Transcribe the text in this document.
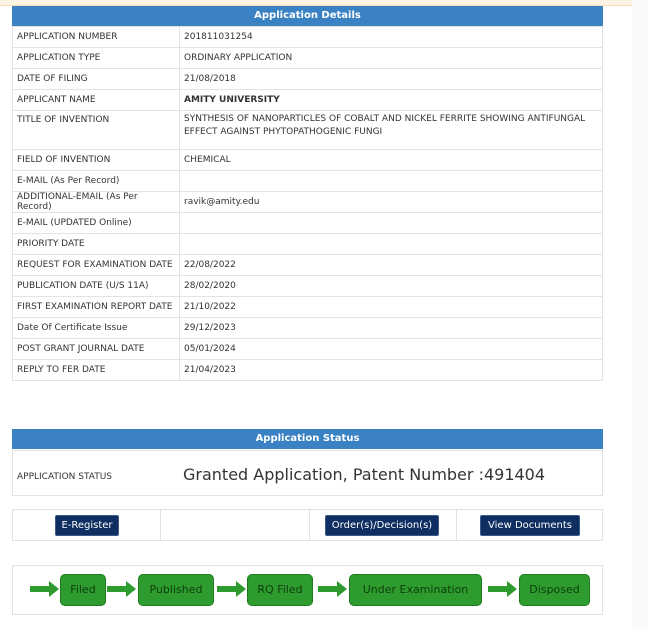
Application Details
APPLICATION NUMBER	201811031254
APPLICATION TYPE	ORDINARY APPLICATION
DATE OF FILING	21/08/2018
APPLICANT NAME	AMITY UNIVERSITY
TITLE OF INVENTION	SYNTHESIS OF NANOPARTICLES OF COBALT AND NICKEL FERRITE SHOWING ANTIFUNGAL EFFECT AGAINST PHYTOPATHOGENIC FUNGI
FIELD OF INVENTION	CHEMICAL
E-MAIL (As Per Record)	
ADDITIONAL-EMAIL (As Per Record)	ravik@amity.edu
E-MAIL (UPDATED Online)	
PRIORITY DATE	
REQUEST FOR EXAMINATION DATE	22/08/2022
PUBLICATION DATE (U/S 11A)	28/02/2020
FIRST EXAMINATION REPORT DATE	21/10/2022
Date Of Certificate Issue	29/12/2023
POST GRANT JOURNAL DATE	05/01/2024
REPLY TO FER DATE	21/04/2023
Application Status
APPLICATION STATUS	Granted Application, Patent Number :491404
E-Register	Order(s)/Decision(s)	View Documents
Filed	Published	RQ Filed	Under Examination	Disposed
